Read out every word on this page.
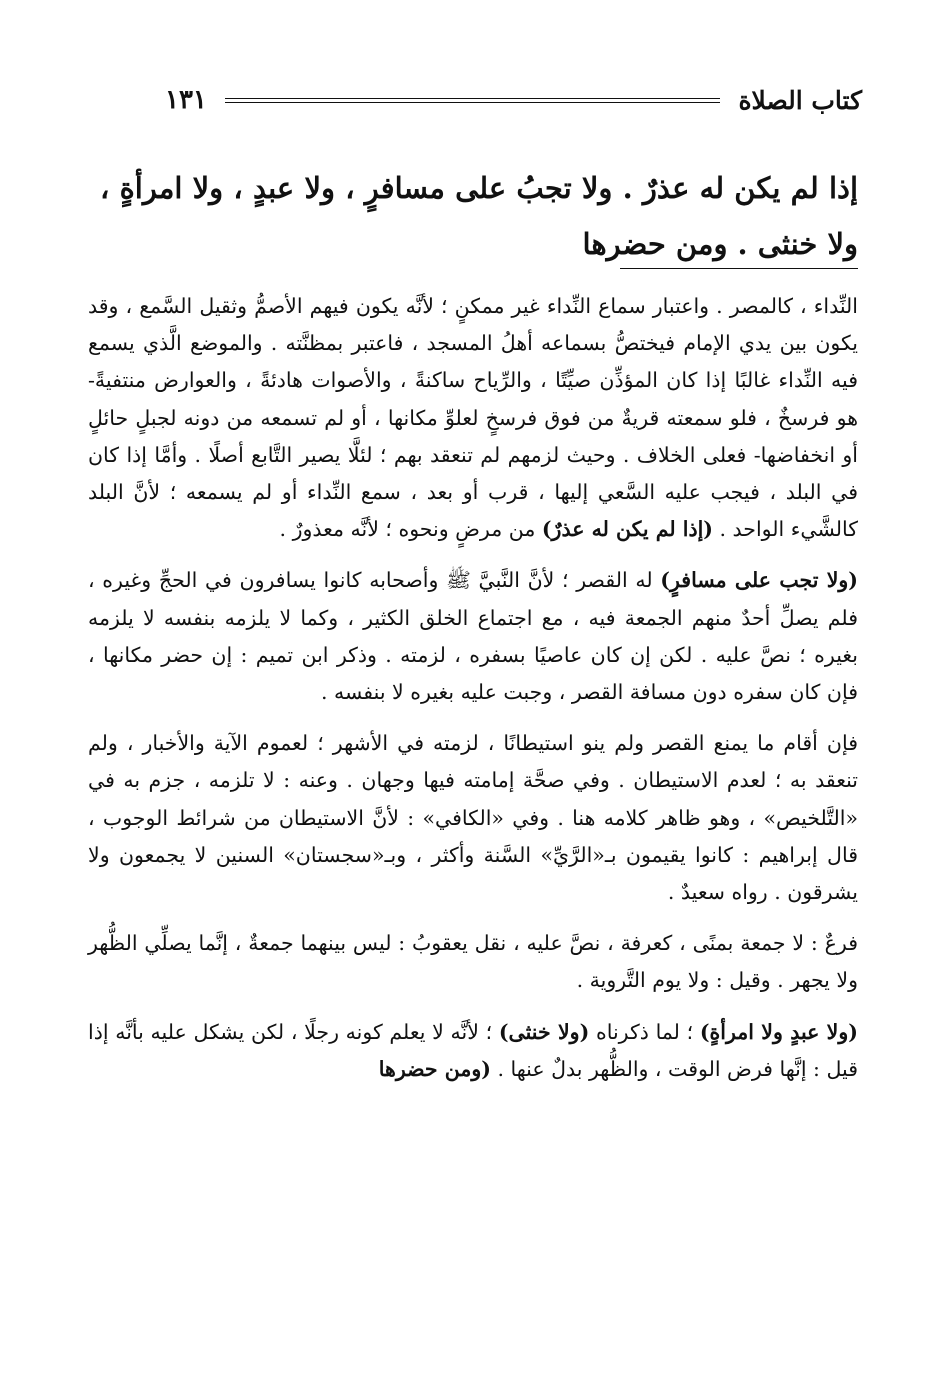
كتاب الصلاة
١٣١
إذا لم يكن له عذرٌ . ولا تجبُ على مسافرٍ ، ولا عبدٍ ، ولا امرأةٍ ، ولا خنثى . ومن حضرها

النِّداء ، كالمصر . واعتبار سماع النِّداء غير ممكنٍ ؛ لأنَّه يكون فيهم الأصمُّ وثقيل السَّمع ، وقد يكون بين يدي الإمام فيختصُّ بسماعه أهلُ المسجد ، فاعتبر بمظنَّته . والموضع الَّذي يسمع فيه النِّداء غالبًا إذا كان المؤذِّن صيِّتًا ، والرِّياح ساكنةً ، والأصوات هادئةً ، والعوارض منتفيةً- هو فرسخٌ ، فلو سمعته قريةٌ من فوق فرسخٍ لعلوِّ مكانها ، أو لم تسمعه من دونه لجبلٍ حائلٍ أو انخفاضها- فعلى الخلاف . وحيث لزمهم لم تنعقد بهم ؛ لئلَّا يصير التَّابع أصلًا . وأمَّا إذا كان في البلد ، فيجب عليه السَّعي إليها ، قرب أو بعد ، سمع النِّداء أو لم يسمعه ؛ لأنَّ البلد كالشَّيء الواحد . (إذا لم يكن له عذرٌ) من مرضٍ ونحوه ؛ لأنَّه معذورٌ .

(ولا تجب على مسافرٍ) له القصر ؛ لأنَّ النَّبيَّ ﷺ وأصحابه كانوا يسافرون في الحجِّ وغيره ، فلم يصلِّ أحدٌ منهم الجمعة فيه ، مع اجتماع الخلق الكثير ، وكما لا يلزمه بنفسه لا يلزمه بغيره ؛ نصَّ عليه . لكن إن كان عاصيًا بسفره ، لزمته . وذكر ابن تميم : إن حضر مكانها ، فإن كان سفره دون مسافة القصر ، وجبت عليه بغيره لا بنفسه .

فإن أقام ما يمنع القصر ولم ينو استيطانًا ، لزمته في الأشهر ؛ لعموم الآية والأخبار ، ولم تنعقد به ؛ لعدم الاستيطان . وفي صحَّة إمامته فيها وجهان . وعنه : لا تلزمه ، جزم به في «التَّلخيص» ، وهو ظاهر كلامه هنا . وفي «الكافي» : لأنَّ الاستيطان من شرائط الوجوب ، قال إبراهيم : كانوا يقيمون بـ«الرَّيِّ» السَّنة وأكثر ، وبـ«سجستان» السنين لا يجمعون ولا يشرقون . رواه سعيدٌ .

فرعٌ : لا جمعة بمنًى ، كعرفة ، نصَّ عليه ، نقل يعقوبُ : ليس بينهما جمعةٌ ، إنَّما يصلِّي الظُّهر ولا يجهر . وقيل : ولا يوم التَّروية .

(ولا عبدٍ ولا امرأةٍ) ؛ لما ذكرناه (ولا خنثى) ؛ لأنَّه لا يعلم كونه رجلًا ، لكن يشكل عليه بأنَّه إذا قيل : إنَّها فرض الوقت ، والظُّهر بدلٌ عنها . (ومن حضرها
